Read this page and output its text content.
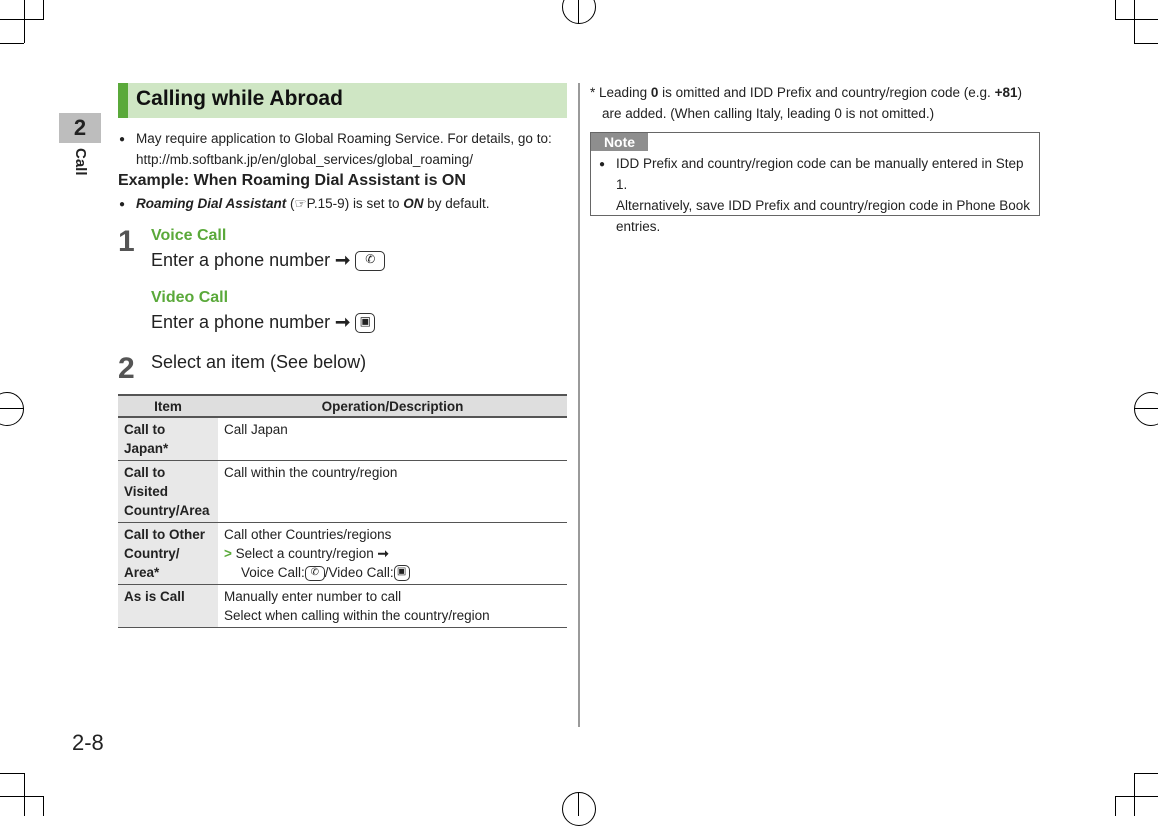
2
Call
2-8
Calling while Abroad
● May require application to Global Roaming Service. For details, go to:
http://mb.softbank.jp/en/global_services/global_roaming/
Example: When Roaming Dial Assistant is ON
● Roaming Dial Assistant (☞P.15-9) is set to ON by default.
1 Voice Call
Enter a phone number ➞ ✆
Video Call
Enter a phone number ➞ ▣
2 Select an item (See below)
Item	Operation/Description
Call to Japan*	Call Japan
Call to Visited Country/Area	Call within the country/region
Call to Other Country/ Area*	Call other Countries/regions
> Select a country/region ➞
Voice Call: ✆ /Video Call: ▣

As is Call	Manually enter number to call
Select when calling within the country/region
* Leading 0 is omitted and IDD Prefix and country/region code (e.g. +81)
are added. (When calling Italy, leading 0 is not omitted.)
Note
● IDD Prefix and country/region code can be manually entered in Step 1.
Alternatively, save IDD Prefix and country/region code in Phone Book
entries.
